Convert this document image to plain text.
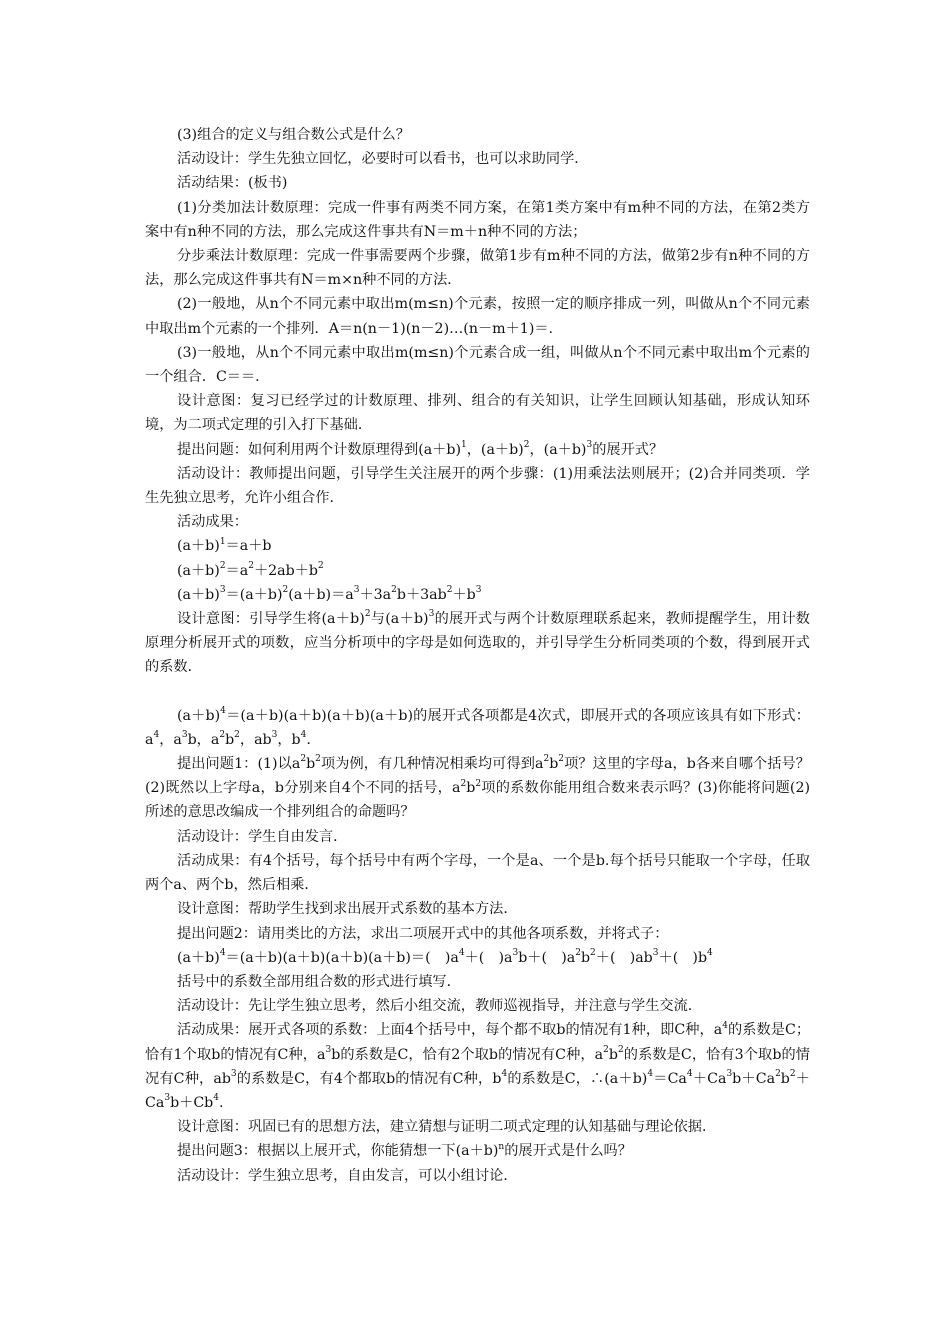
(3)组合的定义与组合数公式是什么？

活动设计：学生先独立回忆，必要时可以看书，也可以求助同学．

活动结果：(板书)

(1)分类加法计数原理：完成一件事有两类不同方案，在第1类方案中有m种不同的方法，在第2类方案中有n种不同的方法，那么完成这件事共有N＝m＋n种不同的方法；

分步乘法计数原理：完成一件事需要两个步骤，做第1步有m种不同的方法，做第2步有n种不同的方法，那么完成这件事共有N＝m×n种不同的方法．

(2)一般地，从n个不同元素中取出m(m≤n)个元素，按照一定的顺序排成一列，叫做从n个不同元素中取出m个元素的一个排列．A＝n(n－1)(n－2)…(n－m＋1)＝.

(3)一般地，从n个不同元素中取出m(m≤n)个元素合成一组，叫做从n个不同元素中取出m个元素的一个组合．C＝＝.

设计意图：复习已经学过的计数原理、排列、组合的有关知识，让学生回顾认知基础，形成认知环境，为二项式定理的引入打下基础．

提出问题：如何利用两个计数原理得到$(a+b)^1$，$(a+b)^2$，$(a+b)^3$的展开式？

活动设计：教师提出问题，引导学生关注展开的两个步骤：(1)用乘法法则展开；(2)合并同类项．学生先独立思考，允许小组合作．

活动成果：

$(a+b)^1=a+b$

$(a+b)^2=a^2+2ab+b^2$

$(a+b)^3=(a+b)^2(a+b)=a^3+3a^2b+3ab^2+b^3$

设计意图：引导学生将$(a+b)^2$与$(a+b)^3$的展开式与两个计数原理联系起来，教师提醒学生，用计数原理分析展开式的项数，应当分析项中的字母是如何选取的，并引导学生分析同类项的个数，得到展开式的系数．

$(a+b)^4=(a+b)(a+b)(a+b)(a+b)$的展开式各项都是4次式，即展开式的各项应该具有如下形式：$a^4$，$a^3b$，$a^2b^2$，$ab^3$，$b^4$.

提出问题1：(1)以$a^2b^2$项为例，有几种情况相乘均可得到$a^2b^2$项？这里的字母a，b各来自哪个括号？(2)既然以上字母a，b分别来自4个不同的括号，$a^2b^2$项的系数你能用组合数来表示吗？(3)你能将问题(2)所述的意思改编成一个排列组合的命题吗？

活动设计：学生自由发言．

活动成果：有4个括号，每个括号中有两个字母，一个是a、一个是b.每个括号只能取一个字母，任取两个a、两个b，然后相乘．

设计意图：帮助学生找到求出展开式系数的基本方法．

提出问题2：请用类比的方法，求出二项展开式中的其他各项系数，并将式子：

$(a+b)^4=(a+b)(a+b)(a+b)(a+b)=$(　)$a^4+$(　)$a^3b+$(　)$a^2b^2+$(　)$ab^3+$(　)$b^4$

括号中的系数全部用组合数的形式进行填写．

活动设计：先让学生独立思考，然后小组交流，教师巡视指导，并注意与学生交流．

活动成果：展开式各项的系数：上面4个括号中，每个都不取b的情况有1种，即C种，$a^4$的系数是C；恰有1个取b的情况有C种，$a^3b$的系数是C，恰有2个取b的情况有C种，$a^2b^2$的系数是C，恰有3个取b的情况有C种，$ab^3$的系数是C，有4个都取b的情况有C种，$b^4$的系数是C，$\therefore(a+b)^4=Ca^4+Ca^3b+Ca^2b^2+Ca^3b+Cb^4$.

设计意图：巩固已有的思想方法，建立猜想与证明二项式定理的认知基础与理论依据．

提出问题3：根据以上展开式，你能猜想一下$(a+b)^n$的展开式是什么吗？

活动设计：学生独立思考，自由发言，可以小组讨论．
